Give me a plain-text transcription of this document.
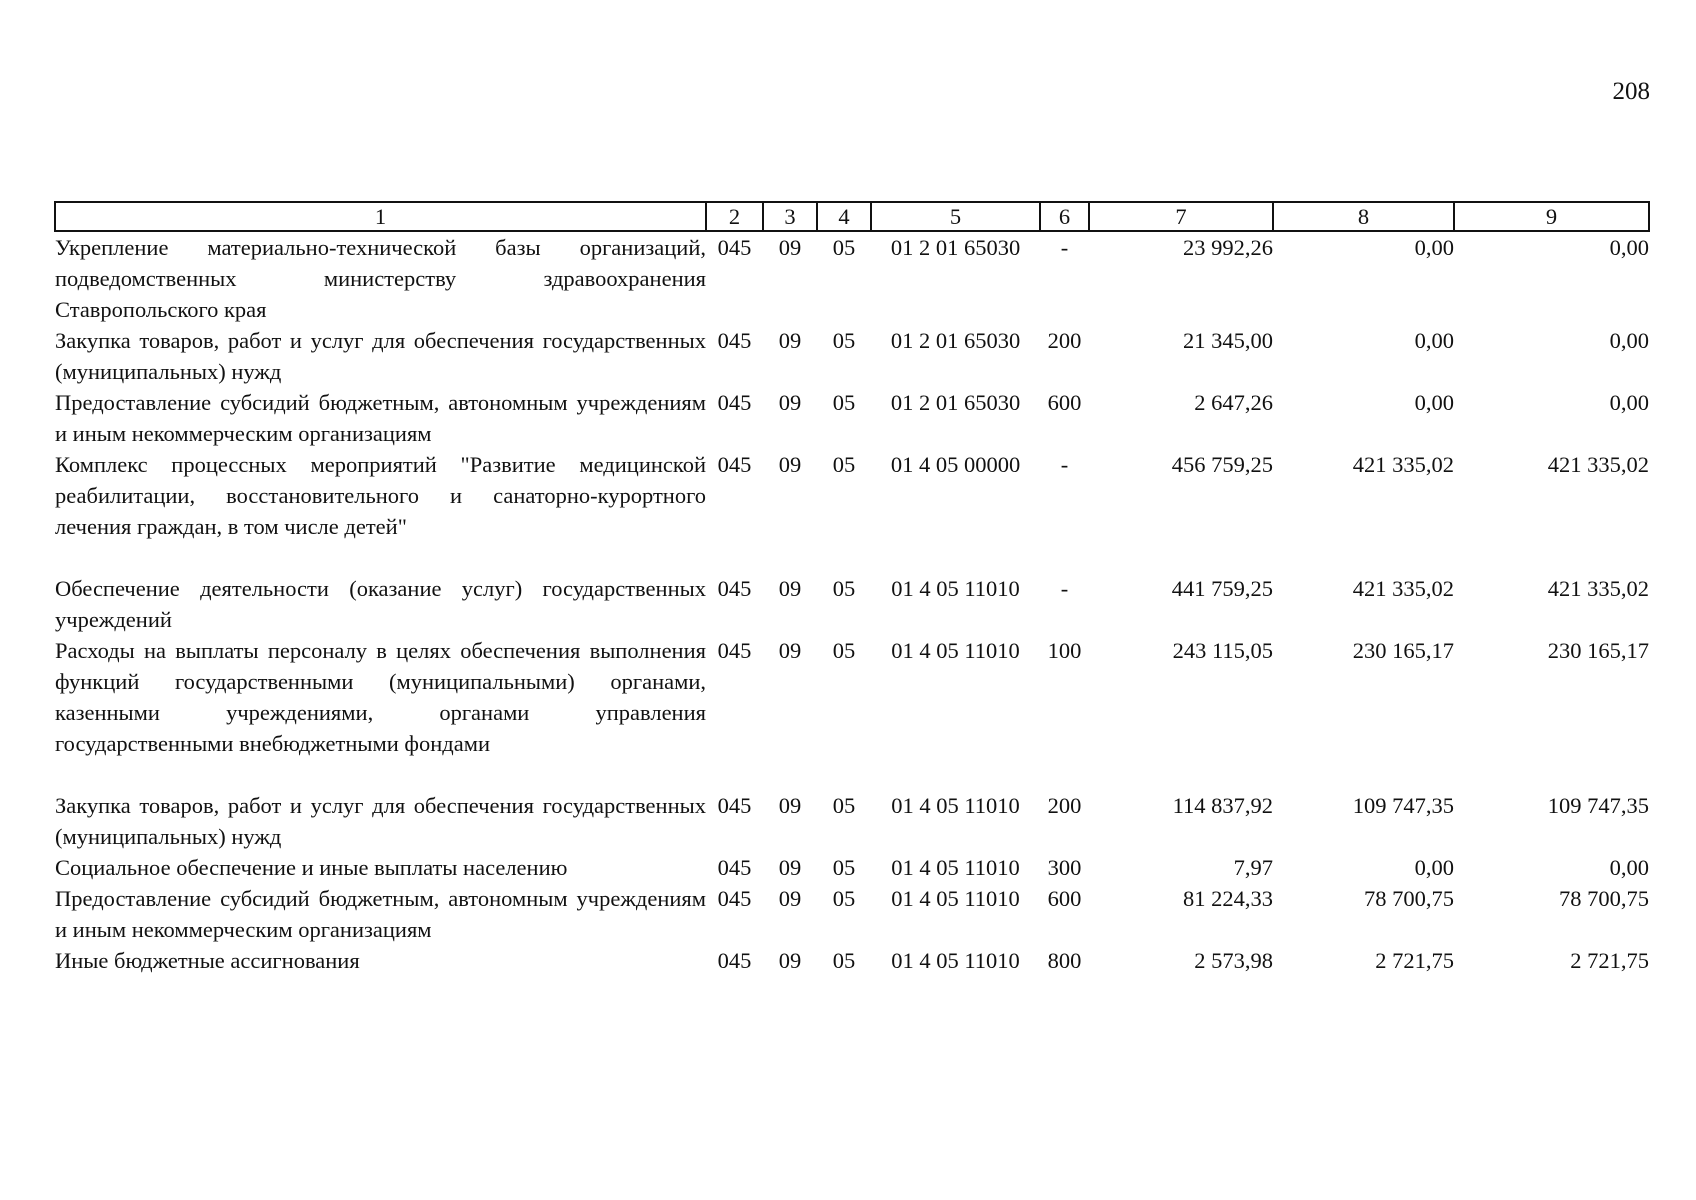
208
1	2	3	4	5	6	7	8	9
Укрепление материально-технической базы организаций, подведомственных министерству здравоохранения Ставропольского края	045	09	05	01 2 01 65030	-	23 992,26	0,00	0,00
Закупка товаров, работ и услуг для обеспечения государственных (муниципальных) нужд	045	09	05	01 2 01 65030	200	21 345,00	0,00	0,00
Предоставление субсидий бюджетным, автономным учреждениям и иным некоммерческим организациям	045	09	05	01 2 01 65030	600	2 647,26	0,00	0,00
Комплекс процессных мероприятий "Развитие медицинской реабилитации, восстановительного и санаторно-курортного лечения граждан, в том числе детей"	045	09	05	01 4 05 00000	-	456 759,25	421 335,02	421 335,02
Обеспечение деятельности (оказание услуг) государственных учреждений	045	09	05	01 4 05 11010	-	441 759,25	421 335,02	421 335,02
Расходы на выплаты персоналу в целях обеспечения выполнения функций государственными (муниципальными) органами, казенными учреждениями, органами управления государственными внебюджетными фондами	045	09	05	01 4 05 11010	100	243 115,05	230 165,17	230 165,17
Закупка товаров, работ и услуг для обеспечения государственных (муниципальных) нужд	045	09	05	01 4 05 11010	200	114 837,92	109 747,35	109 747,35
Социальное обеспечение и иные выплаты населению	045	09	05	01 4 05 11010	300	7,97	0,00	0,00
Предоставление субсидий бюджетным, автономным учреждениям и иным некоммерческим организациям	045	09	05	01 4 05 11010	600	81 224,33	78 700,75	78 700,75
Иные бюджетные ассигнования	045	09	05	01 4 05 11010	800	2 573,98	2 721,75	2 721,75
